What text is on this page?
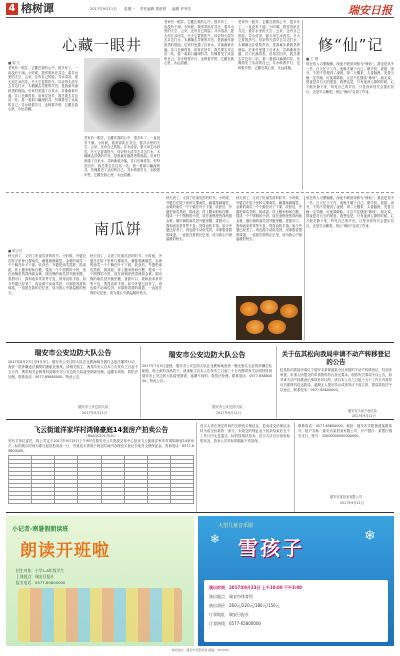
4 榕树谭	2017年9月11日 星期一 责任编辑 曾舒婷 编辑 许秀芳	瑞安日报
心藏一眼井
■ 陈 江
老家有一眼井，它藏在我的心中，很多年了，一直没有干涸。小时候，我常常趴在井边，看井水里的天空、云朵，还有自己的脸。井水清凉，夏天用它冰西瓜，冬天它冒着热气。母亲每天清早去井边打水，木桶撞击井壁的声音，是我童年最熟悉的晨曲。后来村里通了自来水，井渐渐被冷落，井口长满青苔，但每次回乡，我总要去井边站一站，看一看那口幽深的井，仿佛看见了从前的自己。井水映着岁月，也映着乡愁，它藏在我心里，永远清澈。
老家有一眼井，它藏在我的心中，很多年了，一直没有干涸。小时候，我常常趴在井边，看井水里的天空、云朵，还有自己的脸。井水清凉，夏天用它冰西瓜，冬天它冒着热气。母亲每天清早去井边打水，木桶撞击井壁的声音，是我童年最熟悉的晨曲。后来村里通了自来水，井渐渐被冷落，井口长满青苔，但每次回乡，我总要去井边站一站，看一看那口幽深的井，仿佛看见了从前的自己。井水映着岁月，也映着乡愁，它藏在我心里，永远清澈。
老家有一眼井，它藏在我的心中，很多年了，一直没有干涸。小时候，我常常趴在井边，看井水里的天空、云朵，还有自己的脸。井水清凉，夏天用它冰西瓜，冬天它冒着热气。母亲每天清早去井边打水，木桶撞击井壁的声音，是我童年最熟悉的晨曲。后来村里通了自来水，井渐渐被冷落，井口长满青苔，但每次回乡，我总要去井边站一站，看一看那口幽深的井，仿佛看见了从前的自己。井水映着岁月，也映着乡愁，它藏在我心里，永远清澈。
老家有一眼井，它藏在我的心中，很多年了，一直没有干涸。小时候，我常常趴在井边，看井水里的天空、云朵，还有自己的脸。井水清凉，夏天用它冰西瓜，冬天它冒着热气。母亲每天清早去井边打水，木桶撞击井壁的声音，是我童年最熟悉的晨曲。后来村里通了自来水，井渐渐被冷落，井口长满青苔，但每次回乡，我总要去井边站一站，看一看那口幽深的井，仿佛看见了从前的自己。井水映着岁月，也映着乡愁，它藏在我心里，永远清澈。
修“仙”记
■ 王 慧
现在的人习惯晚睡，深夜不眠被戏称为“修仙”。我也是其中一员，白天忙于工作，夜晚才属于自己。刷手机、看剧、读书，不知不觉便到了凌晨。第二天醒来，头昏脑涨，发誓当晚一定早睡，可夜幕降临，又忍不住继续“修仙”。朋友说，熬夜是对白天的报复。我想也是，只有夜深人静的时候，心才能安静下来，听见自己的声音。只是身体终究会提出抗议，还是早点睡吧，别让“修仙”变成了伤身。
南瓜饼
■ 陈立华
秋天到了，又到了吃南瓜饼的时节。小时候，外婆总在院子里种几棵南瓜，藤蔓爬满篱笆，金黄的南瓜一个个躺在叶子下面。收获后，外婆把南瓜蒸熟，捣成泥，拌上糯米粉和白糖，揉成一个个圆圆的小饼，放在油锅里煎得两面金黄。刚出锅的南瓜饼外脆里糯，香甜可口，我和表弟常常等不及，烫得直吹手指。如今外婆已经老了，再也做不动南瓜饼，可那股香甜的味道，一直留在我的记忆里，成为我心中最温暖的秋天。
秋天到了，又到了吃南瓜饼的时节。小时候，外婆总在院子里种几棵南瓜，藤蔓爬满篱笆，金黄的南瓜一个个躺在叶子下面。收获后，外婆把南瓜蒸熟，捣成泥，拌上糯米粉和白糖，揉成一个个圆圆的小饼，放在油锅里煎得两面金黄。刚出锅的南瓜饼外脆里糯，香甜可口，我和表弟常常等不及，烫得直吹手指。如今外婆已经老了，再也做不动南瓜饼，可那股香甜的味道，一直留在我的记忆里，成为我心中最温暖的秋天。
秋天到了，又到了吃南瓜饼的时节。小时候，外婆总在院子里种几棵南瓜，藤蔓爬满篱笆，金黄的南瓜一个个躺在叶子下面。收获后，外婆把南瓜蒸熟，捣成泥，拌上糯米粉和白糖，揉成一个个圆圆的小饼，放在油锅里煎得两面金黄。刚出锅的南瓜饼外脆里糯，香甜可口，我和表弟常常等不及，烫得直吹手指。如今外婆已经老了，再也做不动南瓜饼，可那股香甜的味道，一直留在我的记忆里，成为我心中最温暖的秋天。
秋天到了，又到了吃南瓜饼的时节。小时候，外婆总在院子里种几棵南瓜，藤蔓爬满篱笆，金黄的南瓜一个个躺在叶子下面。收获后，外婆把南瓜蒸熟，捣成泥，拌上糯米粉和白糖，揉成一个个圆圆的小饼，放在油锅里煎得两面金黄。刚出锅的南瓜饼外脆里糯，香甜可口，我和表弟常常等不及，烫得直吹手指。如今外婆已经老了，再也做不动南瓜饼，可那股香甜的味道，一直留在我的记忆里，成为我心中最温暖的秋天。
现在的人习惯晚睡，深夜不眠被戏称为“修仙”。我也是其中一员，白天忙于工作，夜晚才属于自己。刷手机、看剧、读书，不知不觉便到了凌晨。第二天醒来，头昏脑涨，发誓当晚一定早睡，可夜幕降临，又忍不住继续“修仙”。朋友说，熬夜是对白天的报复。我想也是，只有夜深人静的时候，心才能安静下来，听见自己的声音。只是身体终究会提出抗议，还是早点睡吧，别让“修仙”变成了伤身。
瑞安市公安边防大队公告
2017年8月27日至9月3日，瑞安市公安边防大队在北麂海域开展打击违法捕捞行动，查获一批涉嫌违法捕捞的渔船及渔具。请相关船主、渔具所有人自本公告发布之日起十五日内，携带相关证明材料到瑞安市公安边防大队接受调查处理。逾期未到的，将依法处理。联系电话：0577-65880000。特此公告。
瑞安市公安边防大队
2017年9月11日
瑞安市公安边防大队公告
2017年7月5日凌晨，瑞安市公安边防大队在北麂海域查获一艘无船名无证的涉嫌走私船舶，船上载有冻品若干。请该船主自本公告发布之日起三十日内携带有关证明材料到瑞安市公安边防大队接受调查，逾期不到的，将依法处理。联系电话：0577-65880000。特此公告。
瑞安市公安边防大队
2017年9月11日
关于伍其松向我局申请不动产转移登记的公告
伍其松向我局申请位于瑞安市某街道某小区房屋的不动产转移登记，经初步审查，申请人所提交的申请资料符合登记要求。现将有关事项予以公告，如对该不动产转移登记事项有异议的，请自本公告之日起十五个工作日内将异议书面材料送达我局。逾期无人提出异议或者异议不成立的，我局将依法予以登记。联系电话：0577-65800000。
瑞安市不动产登记局
2017年9月11日
飞云街道洋家垟村鸿锦豪庭14套房产拍卖公告
（RASQC2017010）
受有关单位委托，我公司定于2017年9月25日上午9时在瑞安市公共资源交易中心拍卖飞云街道洋家垟村鸿锦豪庭14套房产。标的展示时间为即日起至拍卖前一日，有意竞买者请于规定时间内办理竞买登记手续并交纳保证金。咨询电话：0577-65800000。

竞买人须在规定时间内交纳竞买保证金，拍卖成交后保证金转为成交价款的一部分，未成交的保证金于拍卖结束后五个工作日内无息退还。标的按现状拍卖，竞买人应自行查验标的状况，拍卖公司对标的瑕疵不作担保。
联系电话：0577-65800000。地址：瑞安市安阳街道某路某号。账户名称：瑞安市某拍卖有限公司，开户银行：某银行瑞安支行，账号：33000000000000000。
瑞安市某拍卖有限公司
2017年9月11日
小记者·寒暑假朗读班
朗读开班啦
招生对象：小学1-6年级学生
上课地点：瑞安日报社
报名电话：0577-65800000
大型儿童音乐剧
雪孩子
❄	❄
演出时间：2017年9月23日 上午10:00 下午3:00
演出地点：瑞安市体育馆
演出票价：260元/220元/180元/150元
订票地址：瑞安日报社
订票热线：0577-65800000
本报地址：瑞安市安阳街道 邮编：325200
